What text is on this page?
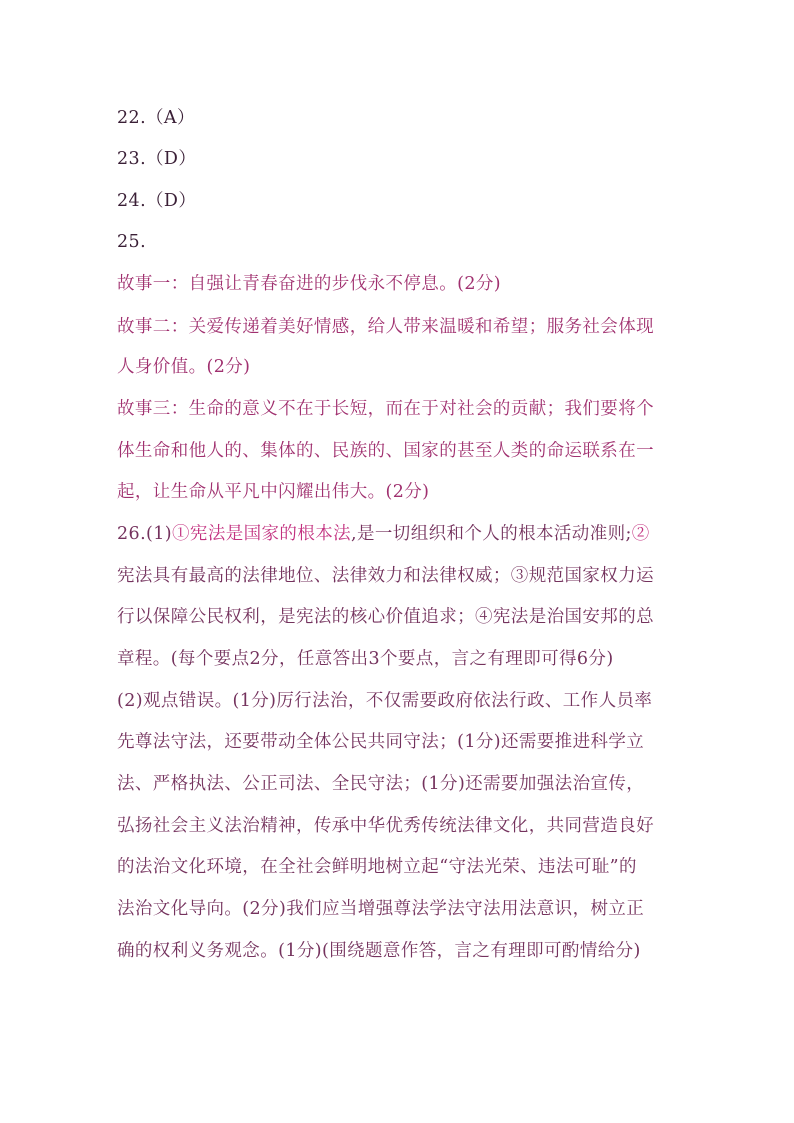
22.（A）
23.（D）
24.（D）
25.
故事一：自强让青春奋进的步伐永不停息。(2分)
故事二：关爱传递着美好情感，给人带来温暖和希望；服务社会体现
人身价值。(2分)
故事三：生命的意义不在于长短，而在于对社会的贡献；我们要将个
体生命和他人的、集体的、民族的、国家的甚至人类的命运联系在一
起，让生命从平凡中闪耀出伟大。(2分)
26.(1)①宪法是国家的根本法,是一切组织和个人的根本活动准则;②
宪法具有最高的法律地位、法律效力和法律权威；③规范国家权力运
行以保障公民权利，是宪法的核心价值追求；④宪法是治国安邦的总
章程。(每个要点2分，任意答出3个要点，言之有理即可得6分)
(2)观点错误。(1分)厉行法治，不仅需要政府依法行政、工作人员率
先尊法守法，还要带动全体公民共同守法；(1分)还需要推进科学立
法、严格执法、公正司法、全民守法；(1分)还需要加强法治宣传，
弘扬社会主义法治精神，传承中华优秀传统法律文化，共同营造良好
的法治文化环境，在全社会鲜明地树立起“守法光荣、违法可耻”的
法治文化导向。(2分)我们应当增强尊法学法守法用法意识，树立正
确的权利义务观念。(1分)(围绕题意作答，言之有理即可酌情给分)
